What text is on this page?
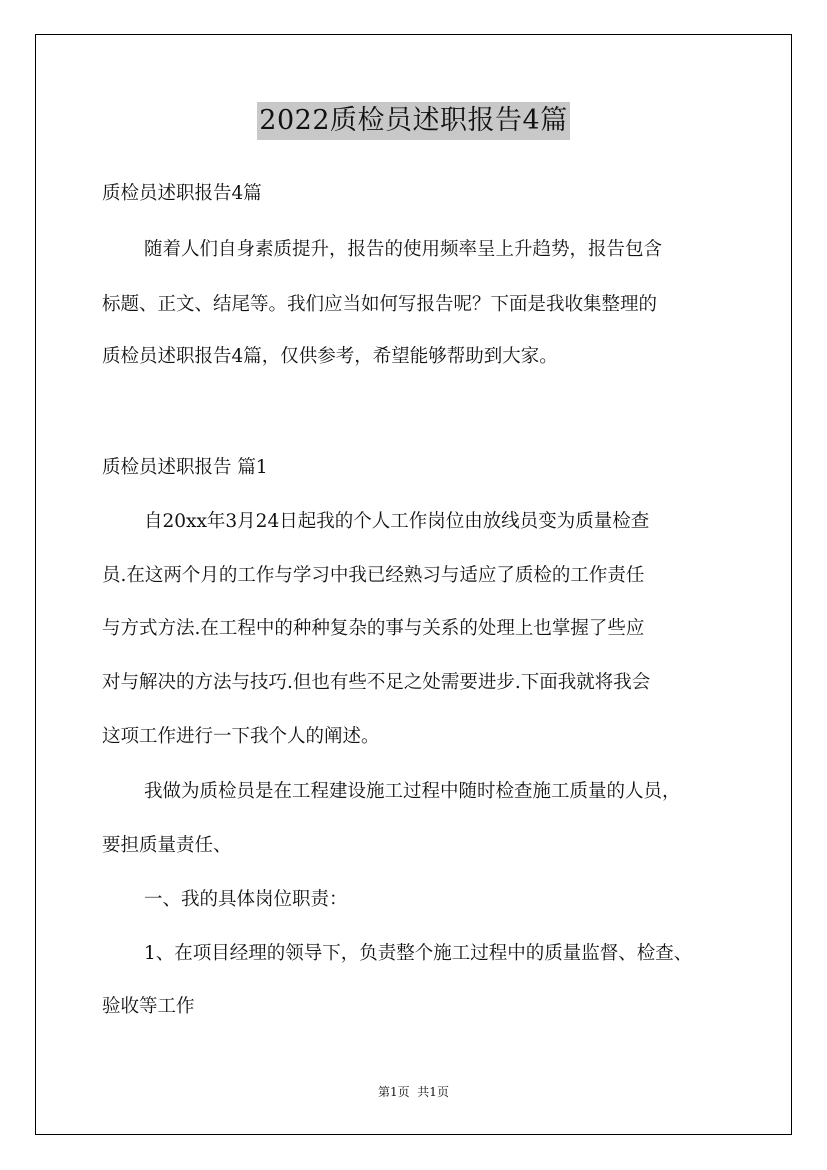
2022质检员述职报告4篇
质检员述职报告4篇
随着人们自身素质提升，报告的使用频率呈上升趋势，报告包含
标题、正文、结尾等。我们应当如何写报告呢？下面是我收集整理的
质检员述职报告4篇，仅供参考，希望能够帮助到大家。
质检员述职报告 篇1
自20xx年3月24日起我的个人工作岗位由放线员变为质量检查
员.在这两个月的工作与学习中我已经熟习与适应了质检的工作责任
与方式方法.在工程中的种种复杂的事与关系的处理上也掌握了些应
对与解决的方法与技巧.但也有些不足之处需要进步.下面我就将我会
这项工作进行一下我个人的阐述。
我做为质检员是在工程建设施工过程中随时检查施工质量的人员，
要担质量责任、
一、我的具体岗位职责：
1、在项目经理的领导下，负责整个施工过程中的质量监督、检查、
验收等工作
第1页  共1页
